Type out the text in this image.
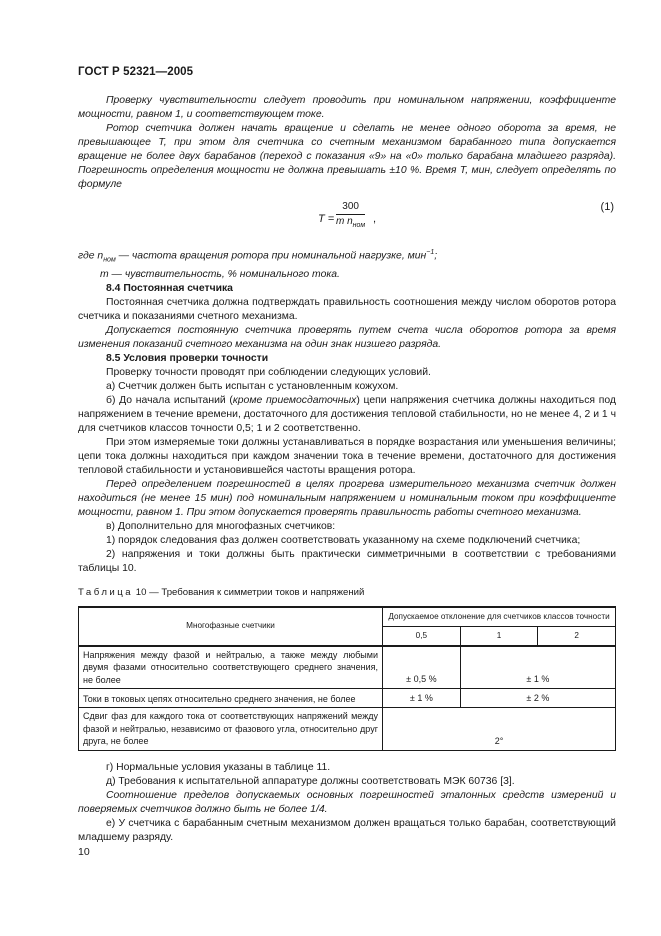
ГОСТ Р 52321—2005

Проверку чувствительности следует проводить при номинальном напряжении, коэффициенте мощности, равном 1, и соответствующем токе.

Ротор счетчика должен начать вращение и сделать не менее одного оборота за время, не превышающее T, при этом для счетчика со счетным механизмом барабанного типа допускается вращение не более двух барабанов (переход с показания «9» на «0» только барабана младшего разряда). Погрешность определения мощности не должна превышать ±10 %. Время T, мин, следует определять по формуле

T =
300
m $n_{ном}$
,
(1)

где $n_{ном}$ — частота вращения ротора при номинальной нагрузке, мин$^{-1}$;

m — чувствительность, % номинального тока.

8.4 Постоянная счетчика

Постоянная счетчика должна подтверждать правильность соотношения между числом оборотов ротора счетчика и показаниями счетного механизма.

Допускается постоянную счетчика проверять путем счета числа оборотов ротора за время изменения показаний счетного механизма на один знак низшего разряда.

8.5 Условия проверки точности

Проверку точности проводят при соблюдении следующих условий.

а) Счетчик должен быть испытан с установленным кожухом.

б) До начала испытаний (кроме приемосдаточных) цепи напряжения счетчика должны находиться под напряжением в течение времени, достаточного для достижения тепловой стабильности, но не менее 4, 2 и 1 ч для счетчиков классов точности 0,5; 1 и 2 соответственно.

При этом измеряемые токи должны устанавливаться в порядке возрастания или уменьшения величины; цепи тока должны находиться при каждом значении тока в течение времени, достаточного для достижения тепловой стабильности и установившейся частоты вращения ротора.

Перед определением погрешностей в целях прогрева измерительного механизма счетчик должен находиться (не менее 15 мин) под номинальным напряжением и номинальным током при коэффициенте мощности, равном 1. При этом допускается проверять правильность работы счетного механизма.

в) Дополнительно для многофазных счетчиков:

1) порядок следования фаз должен соответствовать указанному на схеме подключений счетчика;

2) напряжения и токи должны быть практически симметричными в соответствии с требованиями таблицы 10.

Таблица 10 — Требования к симметрии токов и напряжений
Многофазные счетчики	Допускаемое отклонение для счетчиков классов точности		
	0,5	1	2
Напряжения между фазой и нейтралью, а также между любыми двумя фазами относительно соответствующего среднего значения, не более	± 0,5 %	± 1 %	
Токи в токовых цепях относительно среднего значения, не более	± 1 %	± 2 %	
Сдвиг фаз для каждого тока от соответствующих напряжений между фазой и нейтралью, независимо от фазового угла, относительно друг друга, не более	2°		

г) Нормальные условия указаны в таблице 11.

д) Требования к испытательной аппаратуре должны соответствовать МЭК 60736 [3].

Соотношение пределов допускаемых основных погрешностей эталонных средств измерений и поверяемых счетчиков должно быть не более 1/4.

е) У счетчика с барабанным счетным механизмом должен вращаться только барабан, соответствующий младшему разряду.

10
